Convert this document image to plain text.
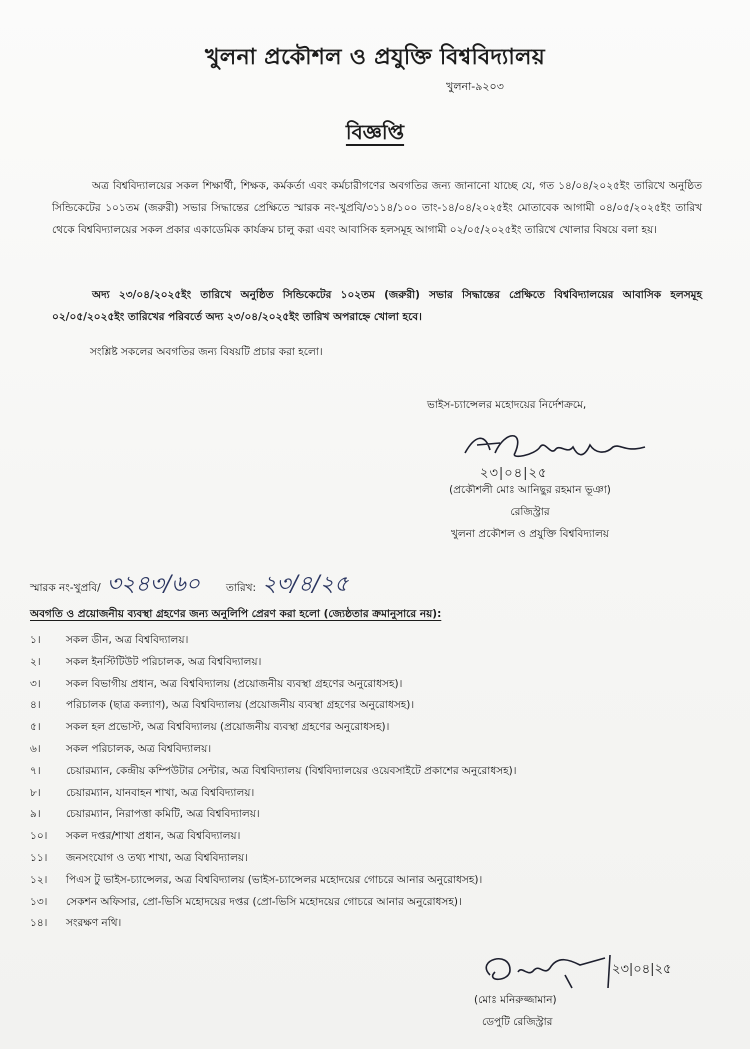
খুলনা প্রকৌশল ও প্রযুক্তি বিশ্ববিদ্যালয়
খুলনা-৯২০৩
বিজ্ঞপ্তি

অত্র বিশ্ববিদ্যালয়ের সকল শিক্ষার্থী, শিক্ষক, কর্মকর্তা এবং কর্মচারীগণের অবগতির জন্য জানানো যাচ্ছে যে, গত ১৪/০৪/২০২৫ইং তারিখে অনুষ্ঠিত সিন্ডিকেটের ১০১তম (জরুরী) সভার সিদ্ধান্তের প্রেক্ষিতে স্মারক নং-খুপ্রবি/৩১১৪/১০০ তাং-১৪/০৪/২০২৫ইং মোতাবেক আগামী ০৪/০৫/২০২৫ইং তারিখ থেকে বিশ্ববিদ্যালয়ের সকল প্রকার একাডেমিক কার্যক্রম চালু করা এবং আবাসিক হলসমূহ আগামী ০২/০৫/২০২৫ইং তারিখে খোলার বিষয়ে বলা হয়।

অদ্য ২৩/০৪/২০২৫ইং তারিখে অনুষ্ঠিত সিন্ডিকেটের ১০২তম (জরুরী) সভার সিদ্ধান্তের প্রেক্ষিতে বিশ্ববিদ্যালয়ের আবাসিক হলসমূহ ০২/০৫/২০২৫ইং তারিখের পরিবর্তে অদ্য ২৩/০৪/২০২৫ইং তারিখ অপরাহ্নে খোলা হবে।

সংশ্লিষ্ট সকলের অবগতির জন্য বিষয়টি প্রচার করা হলো।
ভাইস-চ্যান্সেলর মহোদয়ের নির্দেশক্রমে,
২৩|০৪|২৫
(প্রকৌশলী মোঃ আনিছুর রহমান ভূঞা)
রেজিস্ট্রার
খুলনা প্রকৌশল ও প্রযুক্তি বিশ্ববিদ্যালয়
স্মারক নং-খুপ্রবি/ ৩২৪৩/৬০ তারিখ: ২৩/৪/২৫
অবগতি ও প্রয়োজনীয় ব্যবস্থা গ্রহণের জন্য অনুলিপি প্রেরণ করা হলো (জ্যেষ্ঠতার ক্রমানুসারে নয়):
১।	সকল ডীন, অত্র বিশ্ববিদ্যালয়।
২।	সকল ইনস্টিটিউট পরিচালক, অত্র বিশ্ববিদ্যালয়।
৩।	সকল বিভাগীয় প্রধান, অত্র বিশ্ববিদ্যালয় (প্রয়োজনীয় ব্যবস্থা গ্রহণের অনুরোধসহ)।
৪।	পরিচালক (ছাত্র কল্যাণ), অত্র বিশ্ববিদ্যালয় (প্রয়োজনীয় ব্যবস্থা গ্রহণের অনুরোধসহ)।
৫।	সকল হল প্রভোস্ট, অত্র বিশ্ববিদ্যালয় (প্রয়োজনীয় ব্যবস্থা গ্রহণের অনুরোধসহ)।
৬।	সকল পরিচালক, অত্র বিশ্ববিদ্যালয়।
৭।	চেয়ারম্যান, কেন্দ্রীয় কম্পিউটার সেন্টার, অত্র বিশ্ববিদ্যালয় (বিশ্ববিদ্যালয়ের ওয়েবসাইটে প্রকাশের অনুরোধসহ)।
৮।	চেয়ারম্যান, যানবাহন শাখা, অত্র বিশ্ববিদ্যালয়।
৯।	চেয়ারম্যান, নিরাপত্তা কমিটি, অত্র বিশ্ববিদ্যালয়।
১০।	সকল দপ্তর/শাখা প্রধান, অত্র বিশ্ববিদ্যালয়।
১১।	জনসংযোগ ও তথ্য শাখা, অত্র বিশ্ববিদ্যালয়।
১২।	পিএস টু ভাইস-চ্যান্সেলর, অত্র বিশ্ববিদ্যালয় (ভাইস-চ্যান্সেলর মহোদয়ের গোচরে আনার অনুরোধসহ)।
১৩।	সেকশন অফিসার, প্রো-ভিসি মহোদয়ের দপ্তর (প্রো-ভিসি মহোদয়ের গোচরে আনার অনুরোধসহ)।
১৪।	সংরক্ষণ নথি।
২৩|০৪|২৫
(মোঃ মনিরুজ্জামান)
ডেপুটি রেজিস্ট্রার
